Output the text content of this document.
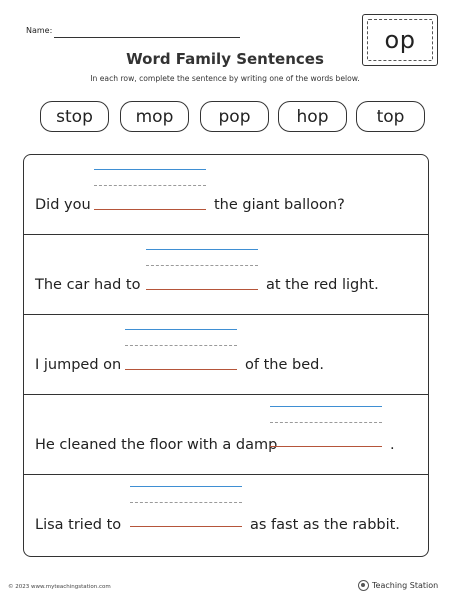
Name:	op
Word Family Sentences
In each row, complete the sentence by writing one of the words below.
stop	mop	pop	hop	top
Did you	the giant balloon?
The car had to	at the red light.
I jumped on	of the bed.
He cleaned the floor with a damp	.
Lisa tried to	as fast as the rabbit.
© 2023 www.myteachingstation.com	Teaching Station
